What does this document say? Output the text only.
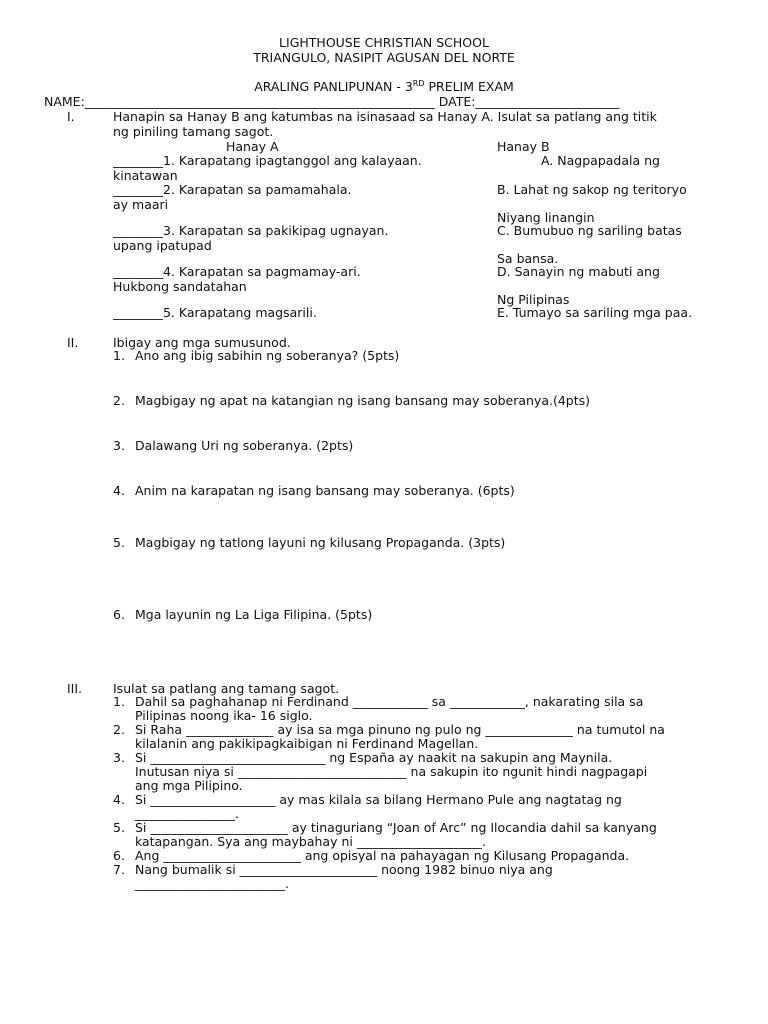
LIGHTHOUSE CHRISTIAN SCHOOL
TRIANGULO, NASIPIT AGUSAN DEL NORTE
ARALING PANLIPUNAN - 3RD PRELIM EXAM
NAME:________________________________________________________ DATE:_______________________
I.	Hanapin sa Hanay B ang katumbas na isinasaad sa Hanay A. Isulat sa patlang ang titik
ng piniling tamang sagot.
Hanay A	Hanay B
________1. Karapatang ipagtanggol ang kalayaan.	A. Nagpapadala ng
kinatawan
________2. Karapatan sa pamamahala.	B. Lahat ng sakop ng teritoryo
ay maari
Niyang linangin
________3. Karapatan sa pakikipag ugnayan.	C. Bumubuo ng sariling batas
upang ipatupad
Sa bansa.
________4. Karapatan sa pagmamay-ari.	D. Sanayin ng mabuti ang
Hukbong sandatahan
Ng Pilipinas
________5. Karapatang magsarili.	E. Tumayo sa sariling mga paa.
II.	Ibigay ang mga sumusunod.
1. Ano ang ibig sabihin ng soberanya? (5pts)
2. Magbigay ng apat na katangian ng isang bansang may soberanya.(4pts)
3. Dalawang Uri ng soberanya. (2pts)
4. Anim na karapatan ng isang bansang may soberanya. (6pts)
5. Magbigay ng tatlong layuni ng kilusang Propaganda. (3pts)
6. Mga layunin ng La Liga Filipina. (5pts)
III. Isulat sa patlang ang tamang sagot.
1. Dahil sa paghahanap ni Ferdinand ____________ sa ____________, nakarating sila sa
Pilipinas noong ika- 16 siglo.
2. Si Raha ______________ ay isa sa mga pinuno ng pulo ng ______________ na tumutol na
kilalanin ang pakikipagkaibigan ni Ferdinand Magellan.
3. Si ____________________________ ng España ay naakit na sakupin ang Maynila.
Inutusan niya si ___________________________ na sakupin ito ngunit hindi nagpagapi
ang mga Pilipino.
4. Si ____________________ ay mas kilala sa bilang Hermano Pule ang nagtatag ng
________________.
5. Si ______________________ ay tinaguriang “Joan of Arc” ng Ilocandia dahil sa kanyang
katapangan. Sya ang maybahay ni ____________________.
6. Ang ______________________ ang opisyal na pahayagan ng Kilusang Propaganda.
7. Nang bumalik si ______________________ noong 1982 binuo niya ang
________________________.
